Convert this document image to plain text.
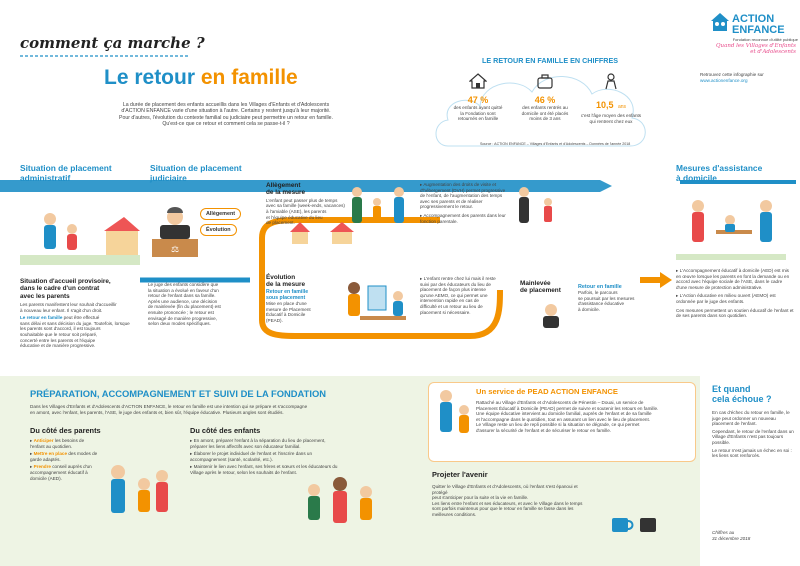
comment ça marche ?
Le retour en famille
La durée de placement des enfants accueillis dans les Villages d'Enfants et d'Adolescents
d'ACTION ENFANCE varie d'une situation à l'autre. Certains y restent jusqu'à leur majorité.
Pour d'autres, l'évolution du contexte familial ou judiciaire peut permettre un retour en famille.
Qu'est-ce que ce retour et comment cela se passe-t-il ?
ACTION
ENFANCE
Fondation reconnue d'utilité publique
Quand les Villages d'Enfants
et d'Adolescents
Retrouvez cette infographie sur
www.actionenfance.org
LE RETOUR EN FAMILLE EN CHIFFRES
47 %
des enfants ayant quitté
la Fondation sont
retournés en famille
46 %
des enfants rentrés au
domicile ont été placés
moins de 3 ans
10,5 ans
c'est l'âge moyen des enfants
qui rentrent chez eux
Source : ACTION ENFANCE – Villages d'Enfants et d'Adolescents – Données de l'année 2018
Situation de placement
administratif
Situation d'accueil provisoire,
dans le cadre d'un contrat
avec les parents
Les parents manifestent leur souhait d'accueillir
à nouveau leur enfant. Il s'agit d'un droit.
Le retour en famille peut être effectué
sans délai et sans décision du juge. Toutefois, lorsque
les parents sont d'accord, il est toujours
souhaitable que le retour soit préparé,
concerté entre les parents et l'équipe
éducative et de manière progressive.
Situation de placement
judiciaire
⚖
Allègement
Évolution
Le juge des enfants considère que
la situation a évolué en faveur d'un
retour de l'enfant dans sa famille.
Après une audience, une décision
de mainlevée (fin du placement) est
ensuite prononcée ; le retour est
envisagé de manière progressive,
selon deux modes spécifiques.
Allègement
de la mesure
L'enfant peut passer plus de temps
avec sa famille (week-ends, vacances)
à l'amiable (ASE), les parents
et l'équipe éducative du lieu
de placement.
▸ Augmentation des droits de visite et d'hébergement (DVH) permet progressive de l'enfant, de l'augmentation des temps avec ses parents et de réaliser progressivement le retour.
▸ Accompagnement des parents dans leur fonction parentale.
Évolution
de la mesure
Retour en famille
sous placement
Mise en place d'une
mesure de Placement
Éducatif à Domicile
(PEAD).
▸ L'enfant rentre chez lui mais il reste suivi par des éducateurs du lieu de placement de façon plus intense qu'une AEMO, ce qui permet une intervention rapide en cas de difficulté et un retour au lieu de placement si nécessaire.
Mainlevée
de placement
Retour en famille
Parfois, le parcours
se poursuit par les mesures
d'assistance éducative
à domicile.
Mesures d'assistance
à domicile
▸ L'Accompagnement éducatif à domicile (AED) est mis en œuvre lorsque les parents en font la demande ou en accord avec l'équipe sociale de l'ASE, dans le cadre d'une mesure de protection administrative.
▸ L'Action éducative en milieu ouvert (AEMO) est ordonnée par le juge des enfants.
Ces mesures permettent un soutien éducatif de l'enfant et de ses parents dans son quotidien.
PRÉPARATION, ACCOMPAGNEMENT ET SUIVI DE LA FONDATION
Dans les Villages d'Enfants et d'Adolescents d'ACTION ENFANCE, le retour en famille est une intention qui se prépare et s'accompagne
en amont, avec l'enfant, les parents, l'ASE, le juge des enfants et, bien sûr, l'équipe éducative. Plusieurs angles sont étudiés.
Du côté des parents
▸ Anticiper les besoins de l'enfant au quotidien.
▸ Mettre en place des modes de garde adaptés.
▸ Prendre conseil auprès d'un accompagnement éducatif à domicile (AED).
Du côté des enfants
▸ En amont, préparer l'enfant à la séparation du lieu de placement, préparer les liens affectifs avec son éducateur familial.
▸ Élaborer le projet individuel de l'enfant et l'inscrire dans un accompagnement (santé, scolarité, etc.).
▸ Maintenir le lien avec l'enfant, ses frères et sœurs et les éducateurs du Village après le retour, selon les souhaits de l'enfant.	Projeter l'avenir
Quitter le Village d'Enfants et d'Adolescents, où l'enfant s'est épanoui et protégé
peut s'anticiper pour la suite et la vie en famille.
Les liens entre l'enfant et ses éducateurs, et avec le Village dans le temps
sont parfois maintenus pour que le retour en famille se fasse dans les meilleures conditions.
Un service de PEAD ACTION ENFANCE
Rattaché au Village d'Enfants et d'Adolescents de Pénestin – Douai, un service de
Placement Éducatif à Domicile (PEAD) permet de suivre et soutenir les retours en famille.
Une équipe éducative intervient au domicile familial, auprès de l'enfant et de sa famille
et l'accompagne dans le quotidien, tout en assurant un lien avec le lieu de placement.
Le Village reste un lieu de repli possible si la situation se dégrade, ce qui permet
d'assurer la sécurité de l'enfant et de sécuriser le retour en famille.
Et quand
cela échoue ?
En cas d'échec du retour en famille, le juge peut ordonner un nouveau placement de l'enfant.
Cependant, le retour de l'enfant dans un Village d'Enfants n'est pas toujours possible.
Le retour n'est jamais un échec en soi : les liens sont renforcés.
Chiffres au
31 décembre 2018
